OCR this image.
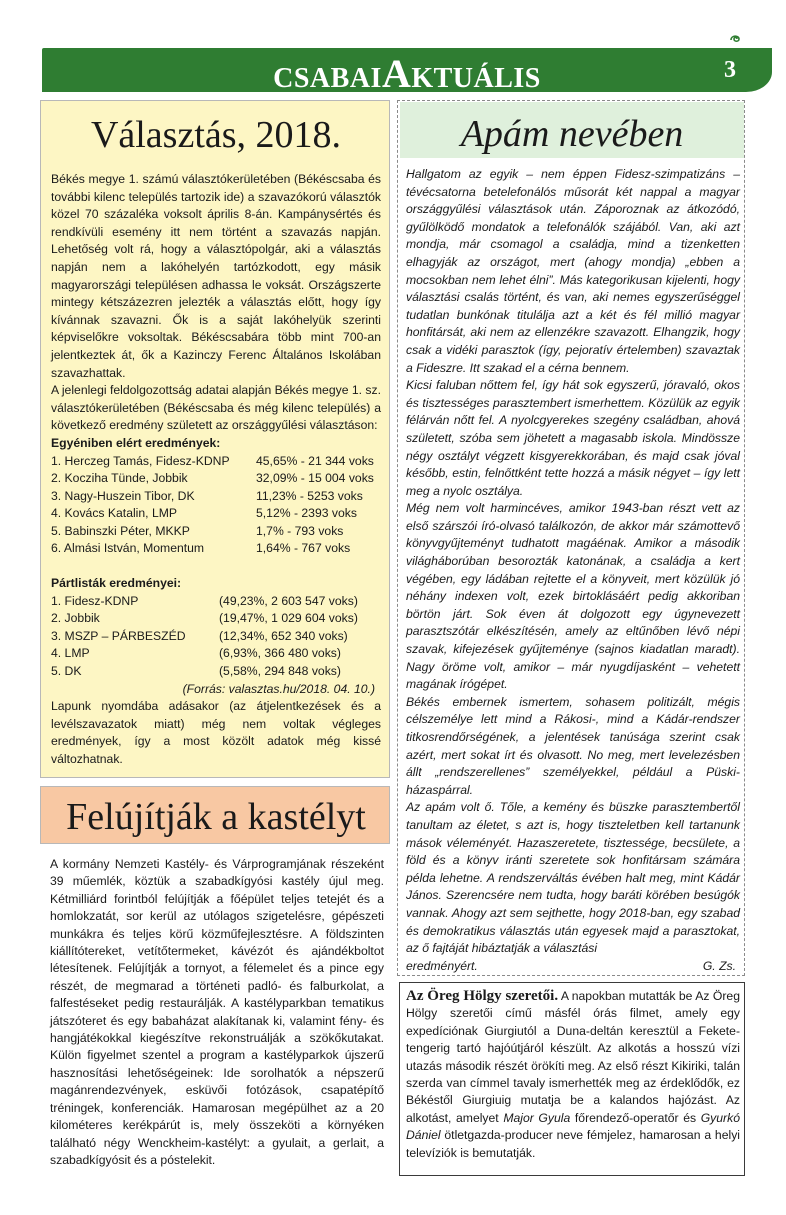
CSABAIAKTUÁLIS	3
Választás, 2018.

Békés megye 1. számú választókerületében (Békéscsaba és további kilenc település tartozik ide) a szavazókorú választók közel 70 százaléka voksolt április 8-án. Kampánysértés és rendkívüli esemény itt nem történt a szavazás napján. Lehetőség volt rá, hogy a választópolgár, aki a választás napján nem a lakóhelyén tartózkodott, egy másik magyarországi településen adhassa le voksát. Országszerte mintegy kétszázezren jelezték a választás előtt, hogy így kívánnak szavazni. Ők is a saját lakóhelyük szerinti képviselőkre voksoltak. Békéscsabára több mint 700-an jelentkeztek át, ők a Kazinczy Ferenc Általános Iskolában szavazhattak.

A jelenlegi feldolgozottság adatai alapján Békés megye 1. sz. választókerületében (Békéscsaba és még kilenc település) a következő eredmény született az országgyűlési választáson:

Egyéniben elért eredmények:

1. Herczeg Tamás, Fidesz-KDNP	45,65% - 21 344 voks
2. Kocziha Tünde, Jobbik	32,09% - 15 004 voks
3. Nagy-Huszein Tibor, DK	11,23% - 5253 voks
4. Kovács Katalin, LMP	5,12% - 2393 voks
5. Babinszki Péter, MKKP	1,7% - 793 voks
6. Almási István, Momentum	1,64% - 767 voks

Pártlisták eredményei:

1. Fidesz-KDNP	(49,23%, 2 603 547 voks)
2. Jobbik	(19,47%, 1 029 604 voks)
3. MSZP – PÁRBESZÉD	(12,34%, 652 340 voks)
4. LMP	(6,93%, 366 480 voks)
5. DK	(5,58%, 294 848 voks)

(Forrás: valasztas.hu/2018. 04. 10.)

Lapunk nyomdába adásakor (az átjelentkezések és a levélszavazatok miatt) még nem voltak végleges eredmények, így a most közölt adatok még kissé változhatnak.

Felújítják a kastélyt
A kormány Nemzeti Kastély- és Várprogramjának részeként 39 műemlék, köztük a szabadkígyósi kastély újul meg. Kétmilliárd forintból felújítják a főépület teljes tetejét és a homlokzatát, sor kerül az utólagos szigetelésre, gépészeti munkákra és teljes körű közműfejlesztésre. A földszinten kiállítótereket, vetítőtermeket, kávézót és ajándékboltot létesítenek. Felújítják a tornyot, a félemelet és a pince egy részét, de megmarad a történeti padló- és falburkolat, a falfestéseket pedig restaurálják. A kastélyparkban tematikus játszóteret és egy babaházat alakítanak ki, valamint fény- és hangjátékokkal kiegészítve rekonstruálják a szökőkutakat. Külön figyelmet szentel a program a kastélyparkok újszerű hasznosítási lehetőségeinek: Ide sorolhatók a népszerű magánrendezvények, esküvői fotózások, csapatépítő tréningek, konferenciák. Hamarosan megépülhet az a 20 kilométeres kerékpárút is, mely összeköti a környéken található négy Wenckheim-kastélyt: a gyulait, a gerlait, a szabadkígyósit és a póstelekit.
Apám nevében

Hallgatom az egyik – nem éppen Fidesz-szimpatizáns – tévécsatorna betelefonálós műsorát két nappal a magyar országgyűlési választások után. Záporoznak az átkozódó, gyűlölködő mondatok a telefonálók szájából. Van, aki azt mondja, már csomagol a családja, mind a tizenketten elhagyják az országot, mert (ahogy mondja) „ebben a mocsokban nem lehet élni”. Más kategorikusan kijelenti, hogy választási csalás történt, és van, aki nemes egyszerűséggel tudatlan bunkónak titulálja azt a két és fél millió magyar honfitársát, aki nem az ellenzékre szavazott. Elhangzik, hogy csak a vidéki parasztok (így, pejoratív értelemben) szavaztak a Fideszre. Itt szakad el a cérna bennem.

Kicsi faluban nőttem fel, így hát sok egyszerű, jóravaló, okos és tisztességes parasztembert ismerhettem. Közülük az egyik félárván nőtt fel. A nyolcgyerekes szegény családban, ahová született, szóba sem jöhetett a magasabb iskola. Mindössze négy osztályt végzett kisgyerekkorában, és majd csak jóval később, estin, felnőttként tette hozzá a másik négyet – így lett meg a nyolc osztálya.

Még nem volt harmincéves, amikor 1943-ban részt vett az első szárszói író-olvasó találkozón, de akkor már számottevő könyvgyűjteményt tudhatott magáénak. Amikor a második világháborúban besorozták katonának, a családja a kert végében, egy ládában rejtette el a könyveit, mert közülük jó néhány indexen volt, ezek birtoklásáért pedig akkoriban börtön járt. Sok éven át dolgozott egy úgynevezett parasztszótár elkészítésén, amely az eltűnőben lévő népi szavak, kifejezések gyűjteménye (sajnos kiadatlan maradt). Nagy öröme volt, amikor – már nyugdíjasként – vehetett magának írógépet.

Békés embernek ismertem, sohasem politizált, mégis célszemélye lett mind a Rákosi-, mind a Kádár-rendszer titkosrendőrségének, a jelentések tanúsága szerint csak azért, mert sokat írt és olvasott. No meg, mert levelezésben állt „rendszerellenes” személyekkel, például a Püski-házaspárral.

Az apám volt ő. Tőle, a kemény és büszke parasztembertől tanultam az életet, s azt is, hogy tiszteletben kell tartanunk mások véleményét. Hazaszeretete, tisztessége, becsülete, a föld és a könyv iránti szeretete sok honfitársam számára példa lehetne. A rendszerváltás évében halt meg, mint Kádár János. Szerencsére nem tudta, hogy baráti körében besúgók vannak. Ahogy azt sem sejthette, hogy 2018-ban, egy szabad és demokratikus választás után egyesek majd a parasztokat, az ő fajtáját hibáztatják a választási

eredményért.	G. Zs.
Az Öreg Hölgy szeretői. A napokban mutatták be Az Öreg Hölgy szeretői című másfél órás filmet, amely egy expedíciónak Giurgiutól a Duna-deltán keresztül a Fekete-tengerig tartó hajóútjáról készült. Az alkotás a hosszú vízi utazás második részét örökíti meg. Az első részt Kikiriki, talán szerda van címmel tavaly ismerhették meg az érdeklődők, ez Békéstől Giurgiuig mutatja be a kalandos hajózást. Az alkotást, amelyet Major Gyula főrendező-operatőr és Gyurkó Dániel ötletgazda-producer neve fémjelez, hamarosan a helyi televíziók is bemutatják.
